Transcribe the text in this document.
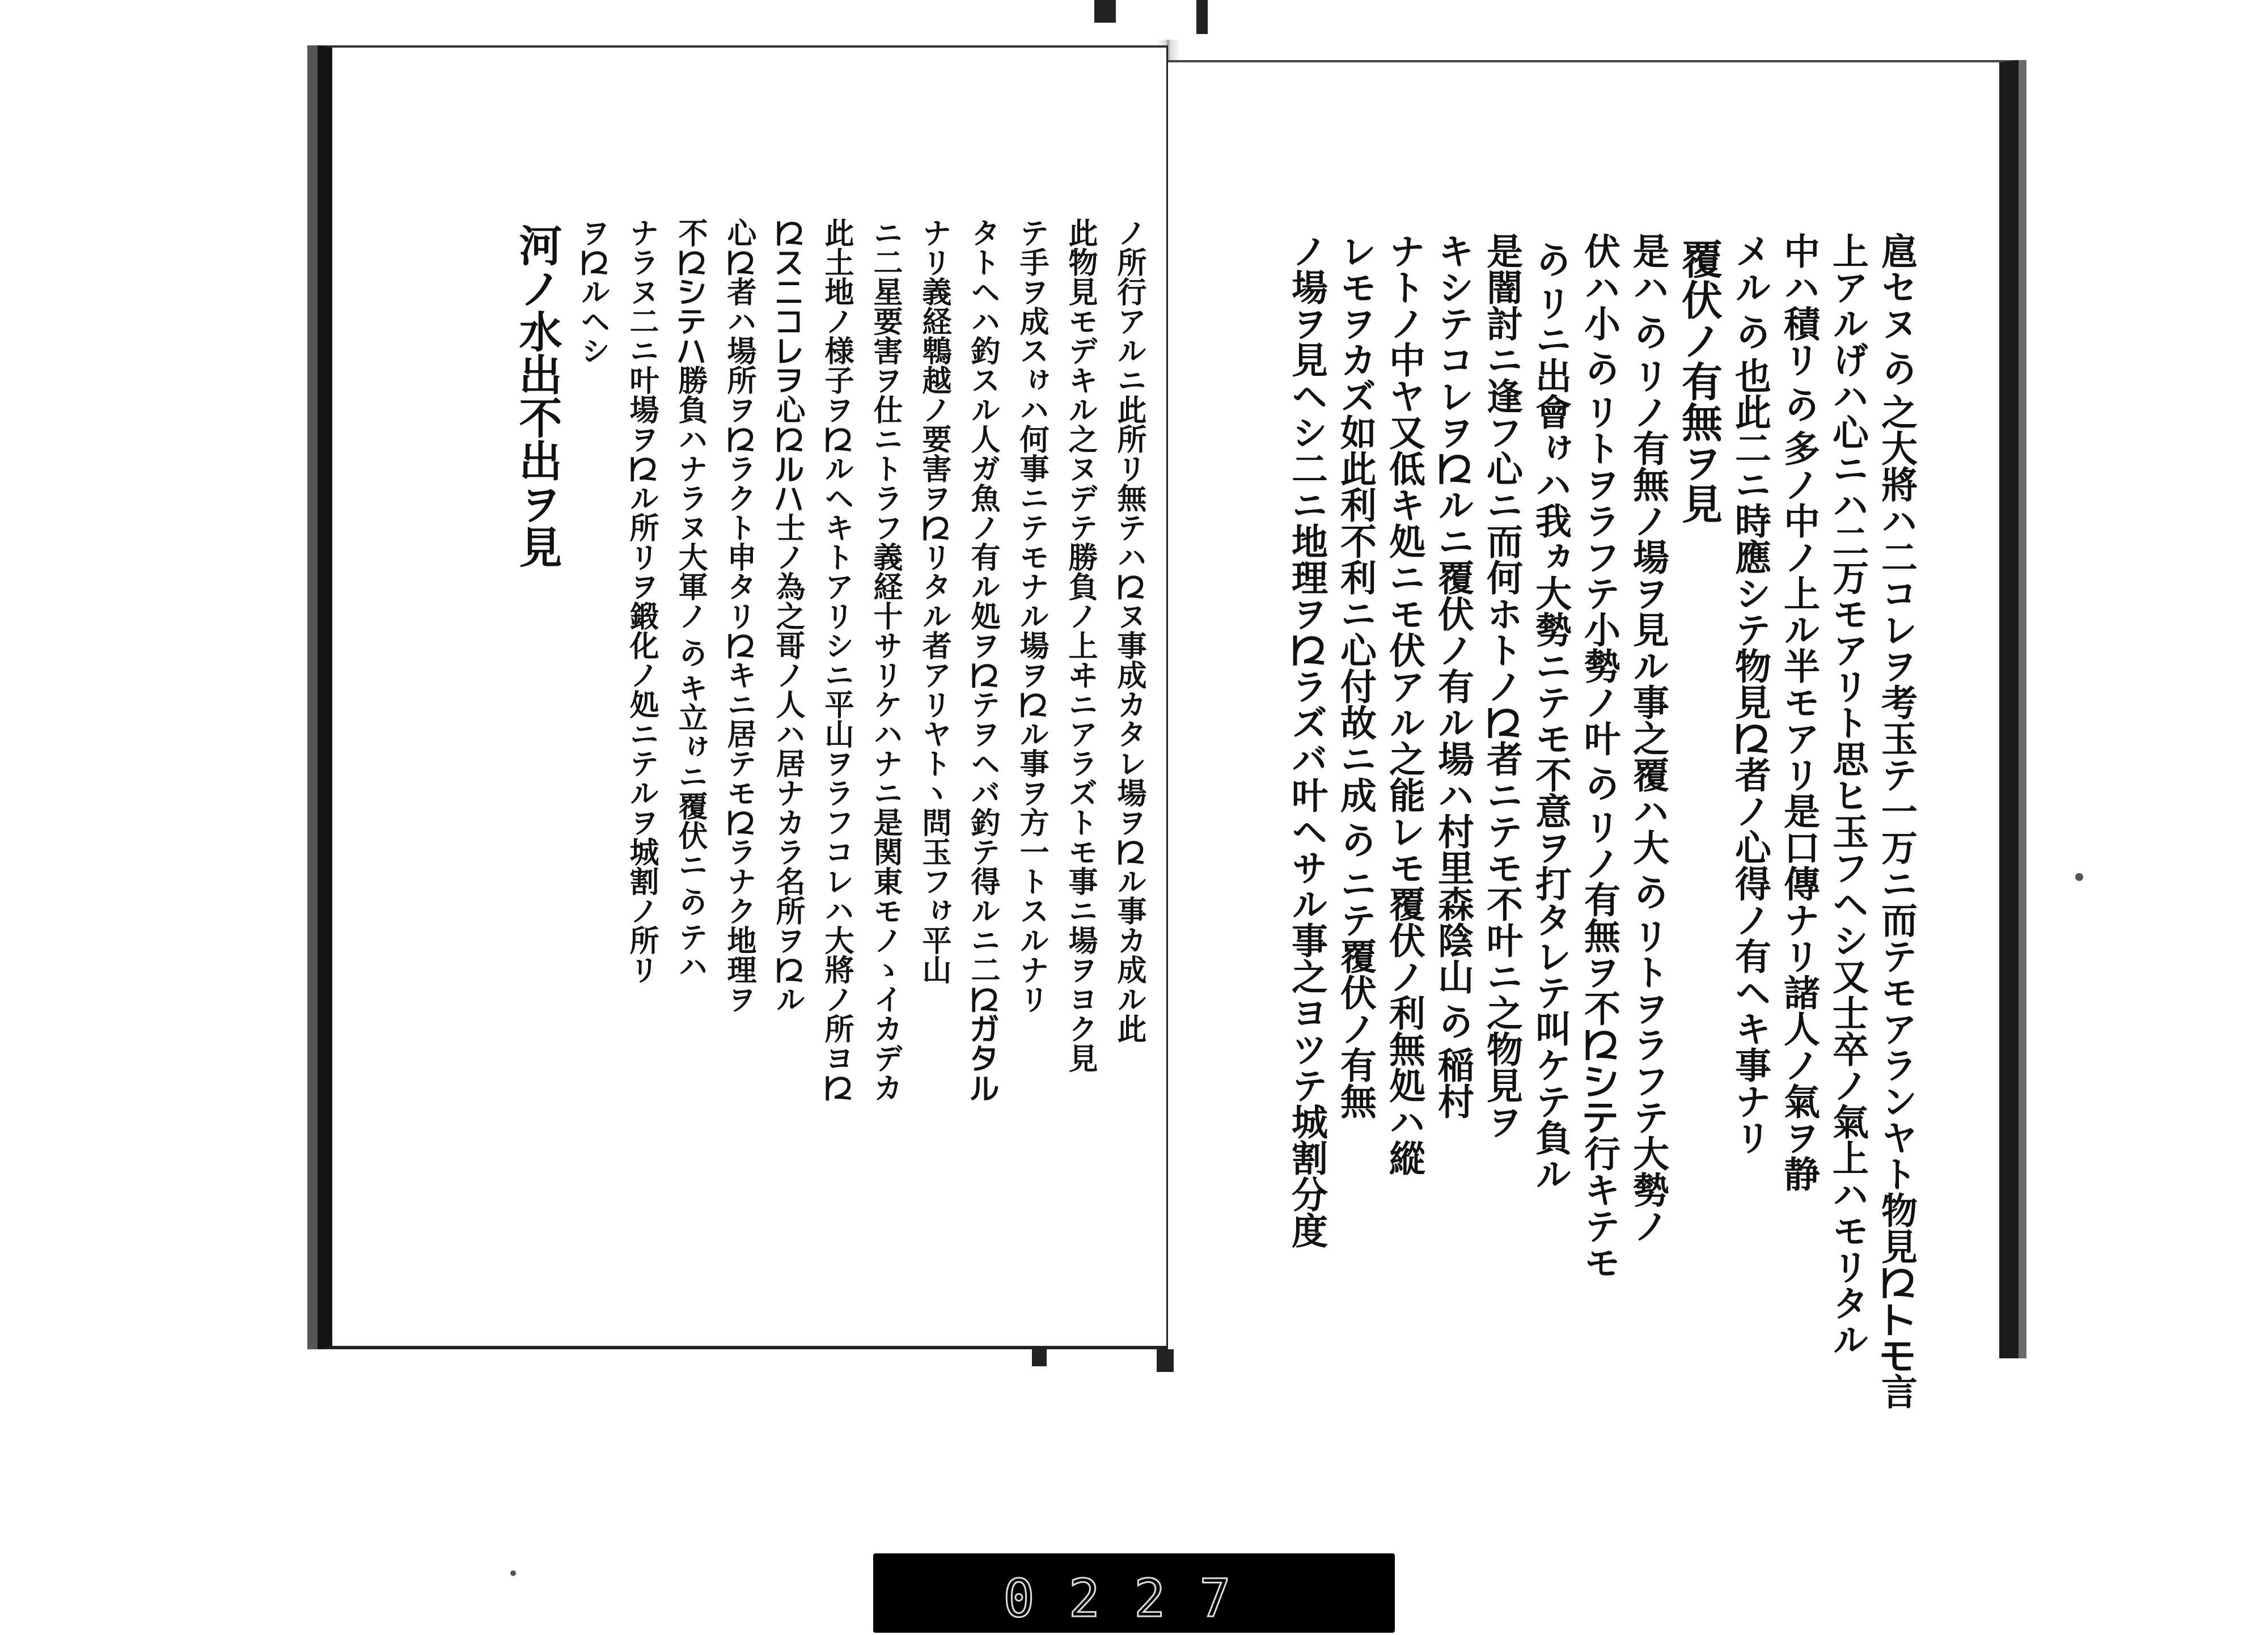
ノ所行アルニ此所リ無テハ𛀁ヌ事成カタレ場ヲ𛀁ル事カ成ル此
此物見モデキル之ヌデテ勝負ノ上ヰニアラズトモ事ニ場ヲヨク見
テ手ヲ成スゖハ何事ニテモナル場ヲ𛀁ル事ヲ方一トスルナリ
タトヘハ釣スル人ガ魚ノ有ル処ヲ𛀁テヲヘバ釣テ得ルニ二𛀁ガタル
ナリ義経鵯越ノ要害ヲ𛀁リタル者アリヤトヽ問玉フゖ平山
ニ二星要害ヲ仕ニトラフ義経十サリケハナニ是関東モノゝイカデカ
此土地ノ様子ヲ𛀁ルヘキトアリシニ平山ヲラフコレハ大將ノ所ヨ𛀁
𛀁スニコレヲ心𛀁ルハ士ノ為之哥ノ人ハ居ナカラ名所ヲ𛀁ル
心𛀁者ハ場所ヲ𛀁ラクト申タリ𛀁キニ居テモ𛀁ラナク地理ヲ
不𛀁シテハ勝負ハナラヌ大軍ノ𛀙キ立ゖニ覆伏ニ𛀙テハ
ナラヌ二ニ叶場ヲ𛀁ル所リヲ鍛化ノ処ニテルヲ城割ノ所リ
ヲ𛀁ルヘシ
河ノ水出不出ヲ見	扈セヌ𛀙之大將ハ二コレヲ考玉テ一万ニ而テモアランヤト物見𛀁トモ言
上アルげハ心ニハ二万モアリト思ヒ玉フヘシ又士卒ノ氣上ハモリタル
中ハ積リ𛀙多ノ中ノ上ル半モアリ是口傳ナリ諸人ノ氣ヲ静
メル𛀙也此二ニ時應シテ物見𛀁者ノ心得ノ有ヘキ事ナリ
覆伏ノ有無ヲ見
是ハ𛀙リノ有無ノ場ヲ見ル事之覆ハ大𛀙リトヲラフテ大勢ノ
伏ハ小𛀙リトヲラフテ小勢ノ叶𛀙リノ有無ヲ不𛀁シテ行キテモ
𛀙リニ出會ゖハ我ヵ大勢ニテモ不意ヲ打タレテ叫ケテ負ル
是闇討ニ逢フ心ニ而何ホトノ𛀁者ニテモ不叶ニ之物見ヲ
キシテコレヲ𛀁ルニ覆伏ノ有ル場ハ村里森陰山𛀙稲村
ナトノ中ヤ又低キ処ニモ伏アル之能レモ覆伏ノ利無処ハ縱
レモヲカズ如此利不利ニ心付故ニ成𛀙ニテ覆伏ノ有無
ノ場ヲ見ヘシ二ニ地理ヲ𛀁ラズバ叶ヘサル事之ヨツテ城割分度
0227
